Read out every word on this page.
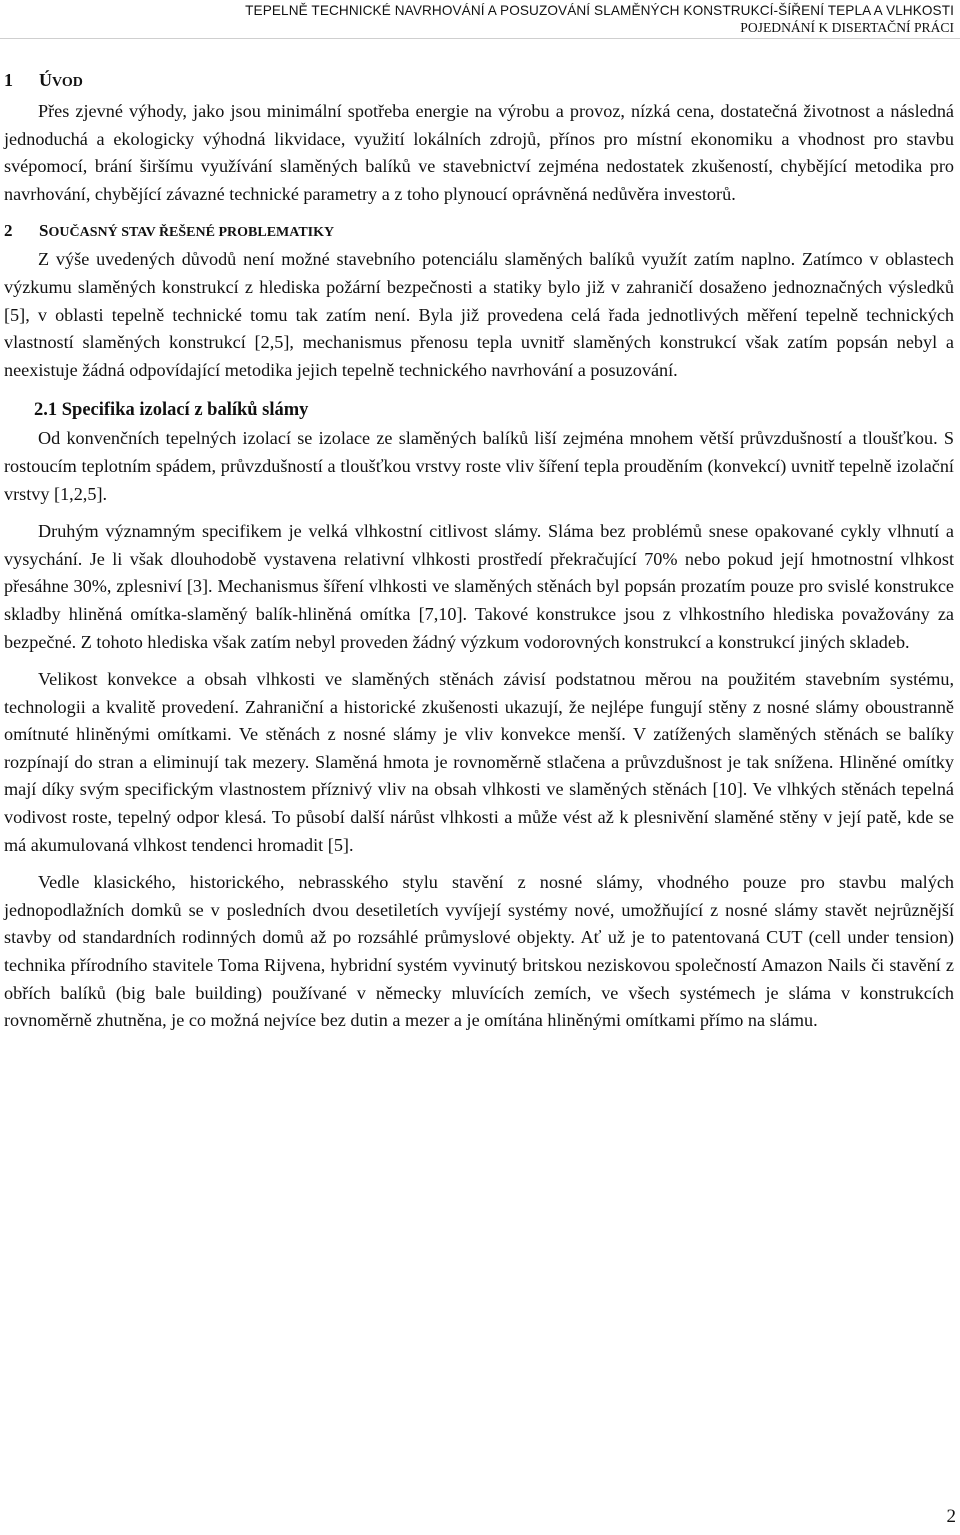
TEPELNĚ TECHNICKÉ NAVRHOVÁNÍ A POSUZOVÁNÍ SLAMĚNÝCH KONSTRUKCÍ-ŠÍŘENÍ TEPLA A VLHKOSTI
POJEDNÁNÍ K DISERTAČNÍ PRÁCI
1	ÚVOD

Přes zjevné výhody, jako jsou minimální spotřeba energie na výrobu a provoz, nízká cena, dostatečná životnost a následná jednoduchá a ekologicky výhodná likvidace, využití lokálních zdrojů, přínos pro místní ekonomiku a vhodnost pro stavbu svépomocí, brání širšímu využívání slaměných balíků ve stavebnictví zejména nedostatek zkušeností, chybějící metodika pro navrhování, chybějící závazné technické parametry a z toho plynoucí oprávněná nedůvěra investorů.

2	SOUČASNÝ STAV ŘEŠENÉ PROBLEMATIKY

Z výše uvedených důvodů není možné stavebního potenciálu slaměných balíků využít zatím naplno. Zatímco v oblastech výzkumu slaměných konstrukcí z hlediska požární bezpečnosti a statiky bylo již v zahraničí dosaženo jednoznačných výsledků [5], v oblasti tepelně technické tomu tak zatím není. Byla již provedena celá řada jednotlivých měření tepelně technických vlastností slaměných konstrukcí [2,5], mechanismus přenosu tepla uvnitř slaměných konstrukcí však zatím popsán nebyl a neexistuje žádná odpovídající metodika jejich tepelně technického navrhování a posuzování.

2.1
Specifika izolací z balíků slámy

Od konvenčních tepelných izolací se izolace ze slaměných balíků liší zejména mnohem větší průvzdušností a tloušťkou. S rostoucím teplotním spádem, průvzdušností a tloušťkou vrstvy roste vliv šíření tepla prouděním (konvekcí) uvnitř tepelně izolační vrstvy [1,2,5].

Druhým významným specifikem je velká vlhkostní citlivost slámy. Sláma bez problémů snese opakované cykly vlhnutí a vysychání. Je li však dlouhodobě vystavena relativní vlhkosti prostředí překračující 70% nebo pokud její hmotnostní vlhkost přesáhne 30%, zplesniví [3]. Mechanismus šíření vlhkosti ve slaměných stěnách byl popsán prozatím pouze pro svislé konstrukce skladby hliněná omítka-slaměný balík-hliněná omítka [7,10]. Takové konstrukce jsou z vlhkostního hlediska považovány za bezpečné. Z tohoto hlediska však zatím nebyl proveden žádný výzkum vodorovných konstrukcí a konstrukcí jiných skladeb.

Velikost konvekce a obsah vlhkosti ve slaměných stěnách závisí podstatnou měrou na použitém stavebním systému, technologii a kvalitě provedení. Zahraniční a historické zkušenosti ukazují, že nejlépe fungují stěny z nosné slámy oboustranně omítnuté hliněnými omítkami. Ve stěnách z nosné slámy je vliv konvekce menší. V zatížených slaměných stěnách se balíky rozpínají do stran a eliminují tak mezery. Slaměná hmota je rovnoměrně stlačena a průvzdušnost je tak snížena. Hliněné omítky mají díky svým specifickým vlastnostem příznivý vliv na obsah vlhkosti ve slaměných stěnách [10]. Ve vlhkých stěnách tepelná vodivost roste, tepelný odpor klesá. To působí další nárůst vlhkosti a může vést až k plesnivění slaměné stěny v její patě, kde se má akumulovaná vlhkost tendenci hromadit [5].

Vedle klasického, historického, nebrasského stylu stavění z nosné slámy, vhodného pouze pro stavbu malých jednopodlažních domků se v posledních dvou desetiletích vyvíjejí systémy nové, umožňující z nosné slámy stavět nejrůznější stavby od standardních rodinných domů až po rozsáhlé průmyslové objekty. Ať už je to patentovaná CUT (cell under tension) technika přírodního stavitele Toma Rijvena, hybridní systém vyvinutý britskou neziskovou společností Amazon Nails či stavění z obřích balíků (big bale building) používané v německy mluvících zemích, ve všech systémech je sláma v konstrukcích rovnoměrně zhutněna, je co možná nejvíce bez dutin a mezer a je omítána hliněnými omítkami přímo na slámu.

2
